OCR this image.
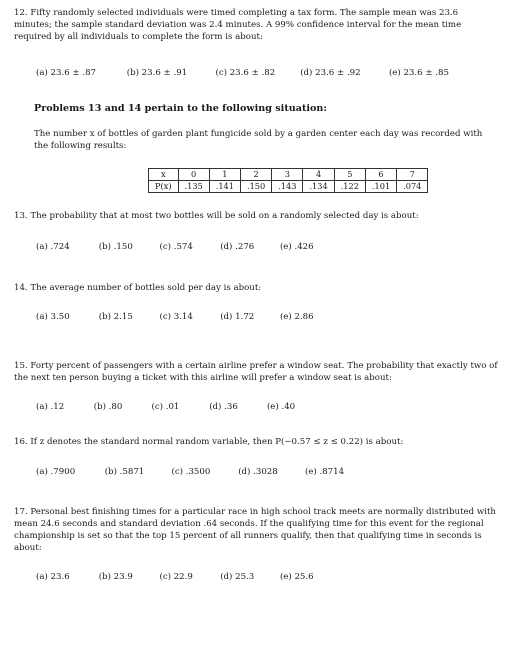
12. Fifty randomly selected individuals were timed completing a tax form. The sample mean was 23.6 minutes; the sample standard deviation was 2.4 minutes. A 99% confidence interval for the mean time required by all individuals to complete the form is about:
(a) 23.6 ± .87	(b) 23.6 ± .91	(c) 23.6 ± .82	(d) 23.6 ± .92	(e) 23.6 ± .85
Problems 13 and 14 pertain to the following situation:
The number x of bottles of garden plant fungicide sold by a garden center each day was recorded with the following results:
x	0	1	2	3	4	5	6	7
P(x)	.135	.141	.150	.143	.134	.122	.101	.074
13. The probability that at most two bottles will be sold on a randomly selected day is about:
(a) .724	(b) .150	(c) .574	(d) .276	(e) .426
14. The average number of bottles sold per day is about:
(a) 3.50	(b) 2.15	(c) 3.14	(d) 1.72	(e) 2.86
15. Forty percent of passengers with a certain airline prefer a window seat. The probability that exactly two of the next ten person buying a ticket with this airline will prefer a window seat is about:
(a) .12	(b) .80	(c) .01	(d) .36	(e) .40
16. If z denotes the standard normal random variable, then P(−0.57 ≤ z ≤ 0.22) is about:
(a) .7900	(b) .5871	(c) .3500	(d) .3028	(e) .8714
17. Personal best finishing times for a particular race in high school track meets are normally distributed with mean 24.6 seconds and standard deviation .64 seconds. If the qualifying time for this event for the regional championship is set so that the top 15 percent of all runners qualify, then that qualifying time in seconds is about:
(a) 23.6	(b) 23.9	(c) 22.9	(d) 25.3	(e) 25.6
